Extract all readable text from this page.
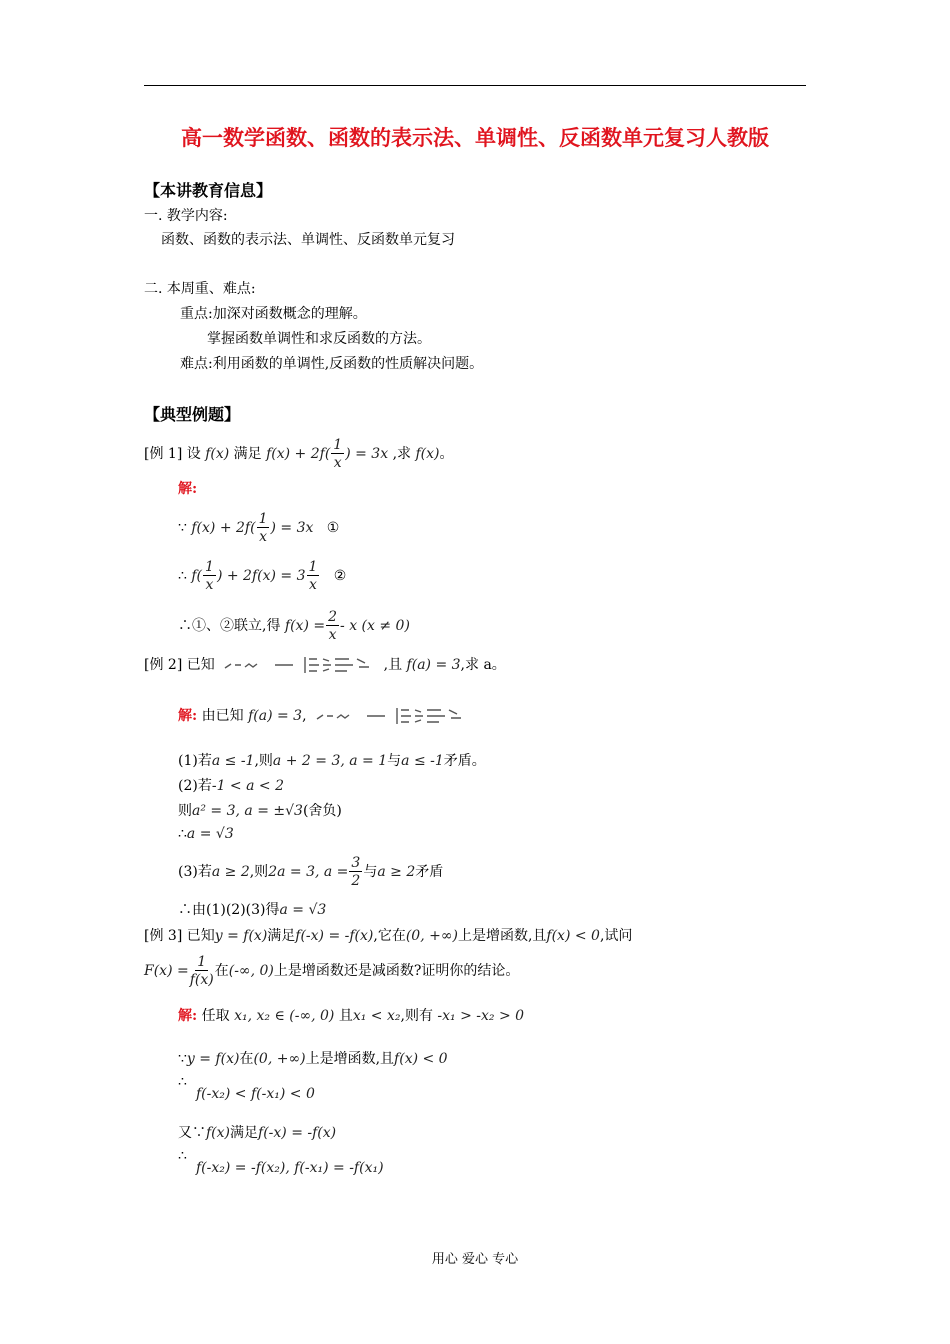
高一数学函数、函数的表示法、单调性、反函数单元复习人教版
【本讲教育信息】
一. 教学内容:
函数、函数的表示法、单调性、反函数单元复习
二. 本周重、难点:
重点:加深对函数概念的理解。
掌握函数单调性和求反函数的方法。
难点:利用函数的单调性,反函数的性质解决问题。
【典型例题】
[例 1] 设 f(x) 满足 $f(x) + 2f( \frac{1}{x}$ ) = 3x ,求 f(x)。
解:
∵ $f(x) + 2f( \frac{1}{x}$ ) = 3x ①
∴ $f( \frac{1}{x}$ ) + $2f(x) = 3 \frac{1}{x}$ ②
∴①、②联立,得 $f(x) = \frac{2}{x} - x$ (x ≠ 0)
[例 2] 已知	,且 f(a) = 3,求 a。
解: 由已知 f(a) = 3,
(1)若a ≤ -1,则a + 2 = 3, a = 1与a ≤ -1矛盾。
(2)若-1 < a < 2
则a² = 3, a = ±√3(舍负)
∴a = √3
(3)若a ≥ 2,则2a = 3, $a = \frac{3}{2}$ 与a ≥ 2矛盾
∴由(1)(2)(3)得a = √3
[例 3] 已知y = f(x)满足f(-x) = -f(x),它在(0, +∞)上是增函数,且f(x) < 0,试问
$F(x) = \frac{1}{f(x)}$ 在(-∞, 0)上是增函数还是减函数?证明你的结论。
解: 任取 x₁, x₂ ∈ (-∞, 0) 且x₁ < x₂,则有 -x₁ > -x₂ > 0
∵y = f(x)在(0, +∞)上是增函数,且f(x) < 0
∴
f(-x₂) < f(-x₁) < 0
又∵f(x)满足f(-x) = -f(x)
∴
f(-x₂) = -f(x₂), f(-x₁) = -f(x₁)
用心 爱心 专心
